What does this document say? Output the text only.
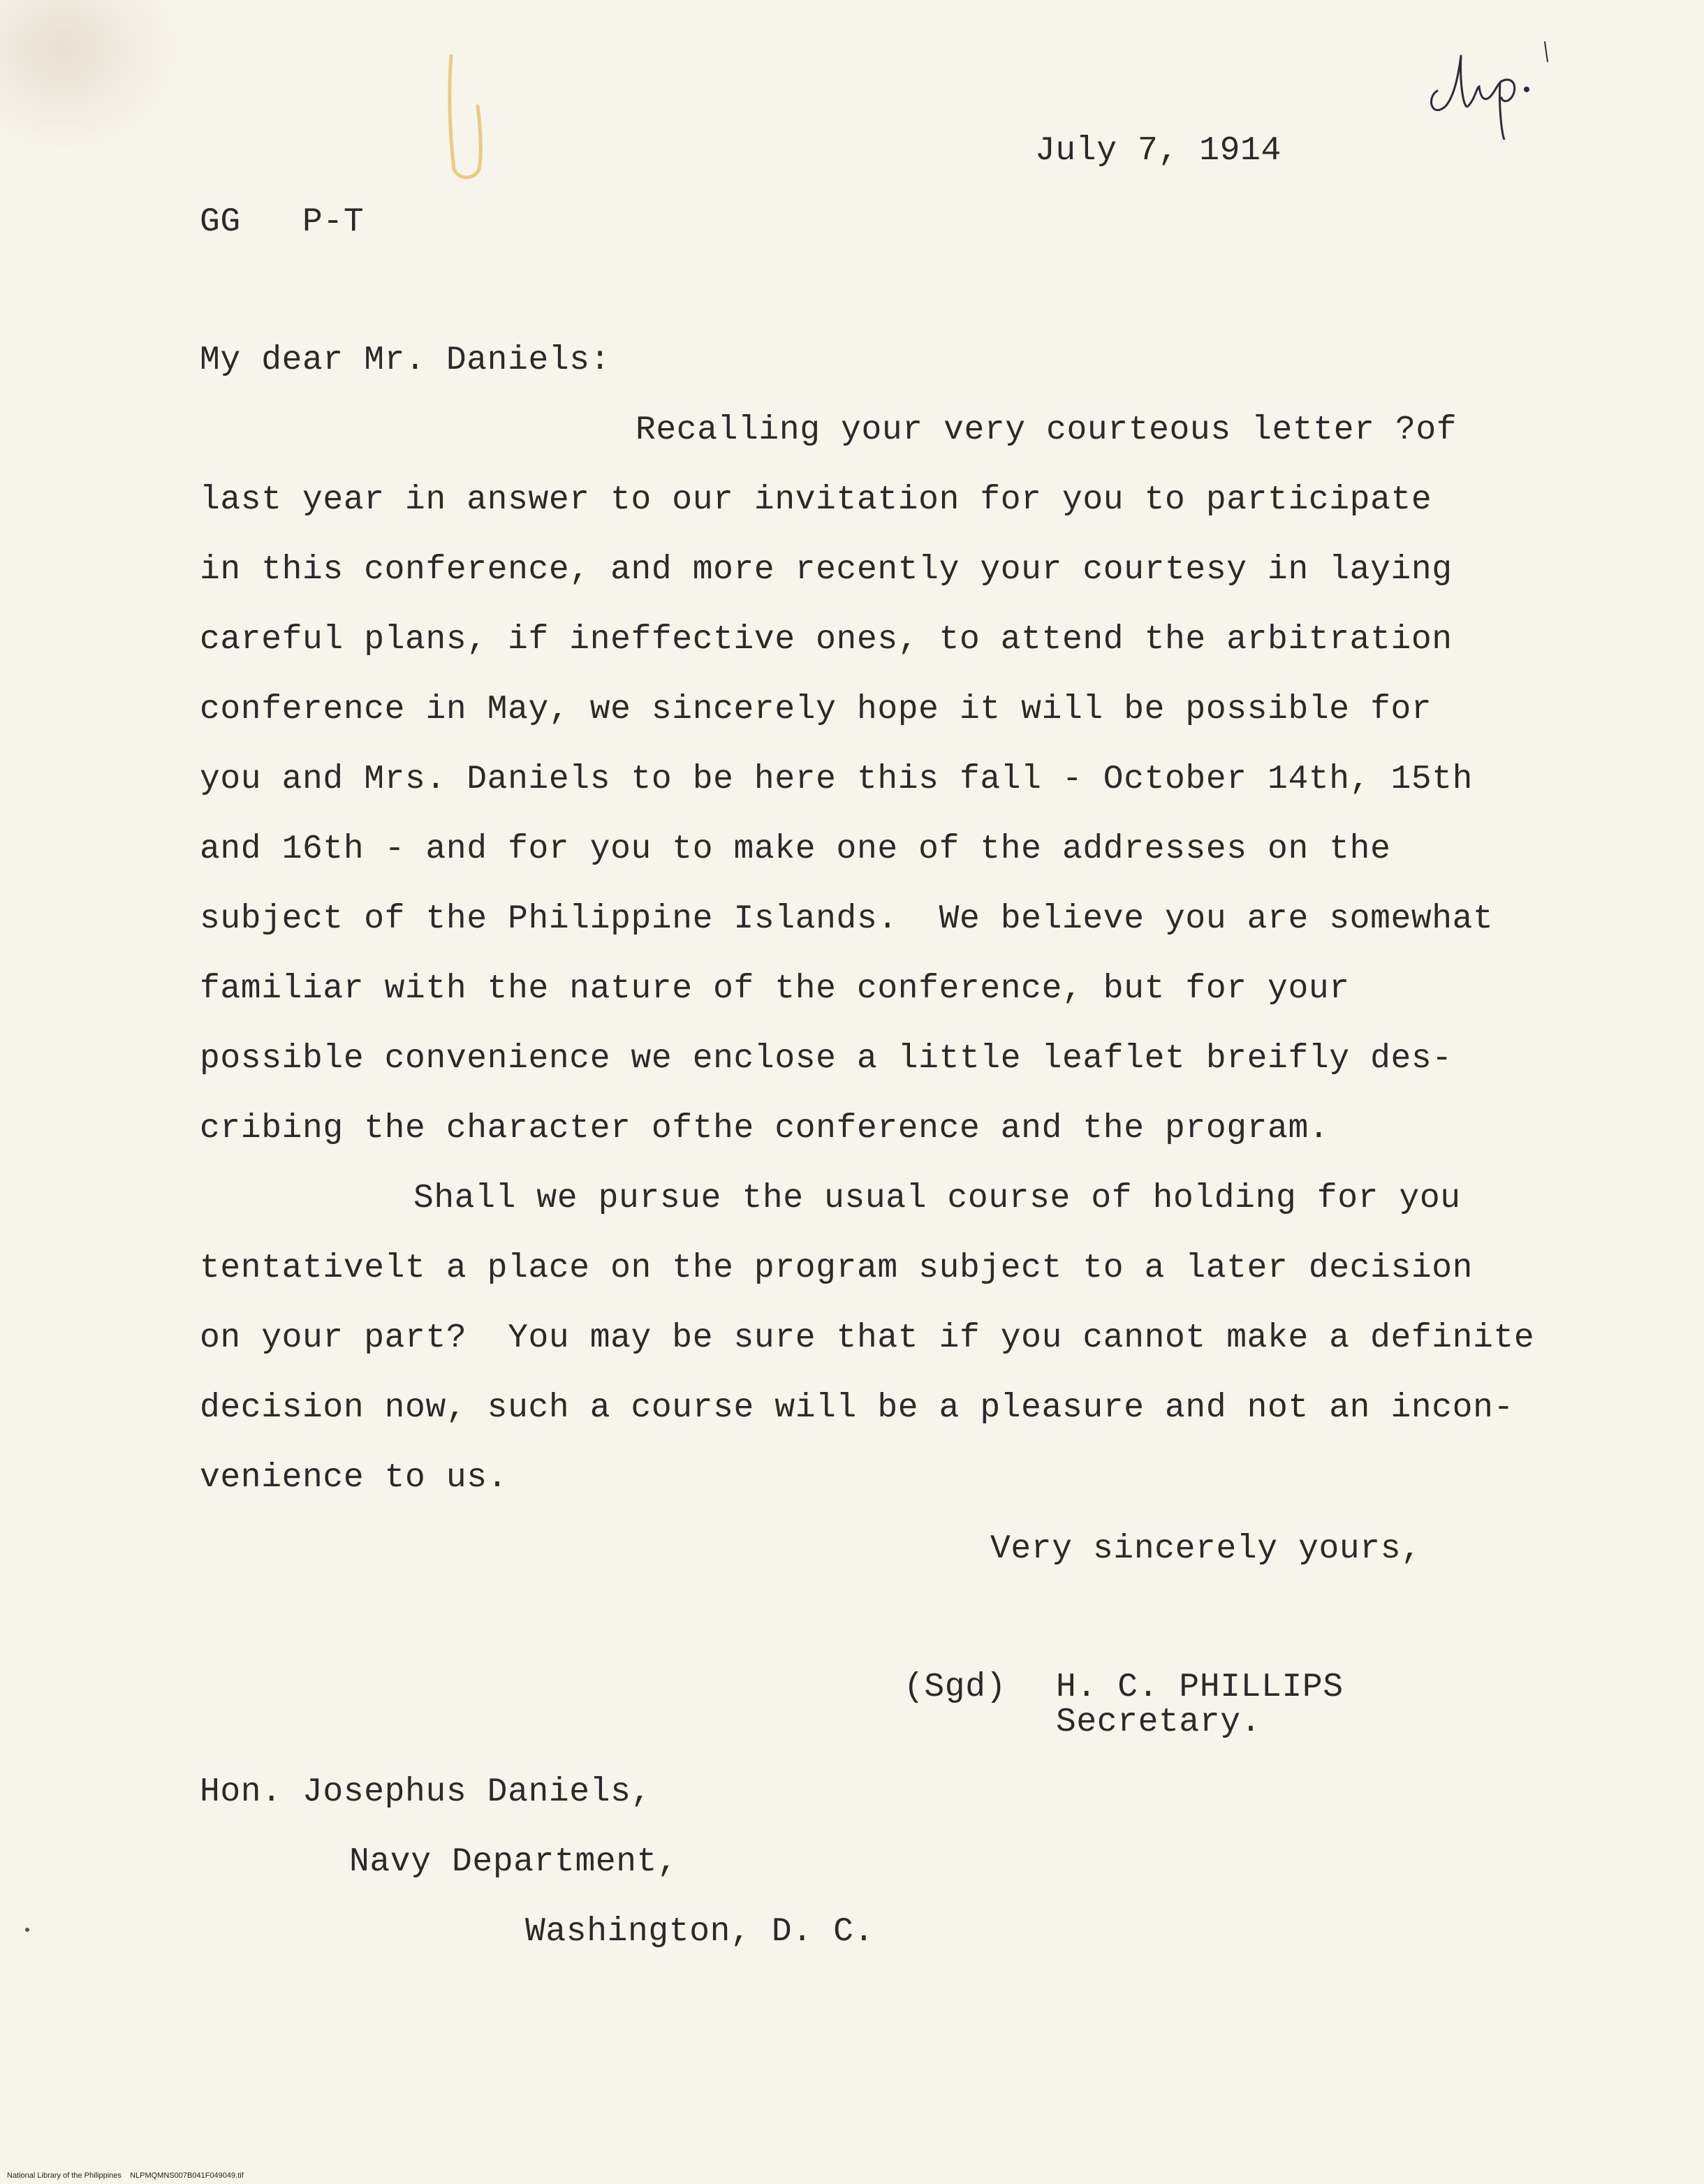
July 7, 1914
GG   P-T
My dear Mr. Daniels:
Recalling your very courteous letter ?of
last year in answer to our invitation for you to participate
in this conference, and more recently your courtesy in laying
careful plans, if ineffective ones, to attend the arbitration
conference in May, we sincerely hope it will be possible for
you and Mrs. Daniels to be here this fall - October 14th, 15th
and 16th - and for you to make one of the addresses on the
subject of the Philippine Islands.  We believe you are somewhat
familiar with the nature of the conference, but for your
possible convenience we enclose a little leaflet breifly des-
cribing the character ofthe conference and the program.
Shall we pursue the usual course of holding for you
tentativelt a place on the program subject to a later decision
on your part?  You may be sure that if you cannot make a definite
decision now, such a course will be a pleasure and not an incon-
venience to us.
Very sincerely yours,
(Sgd) H. C. PHILLIPS
Secretary.
Hon. Josephus Daniels,
Navy Department,
Washington, D. C.
National Library of the Philippines NLPMQMNS007B041F049049.tif
